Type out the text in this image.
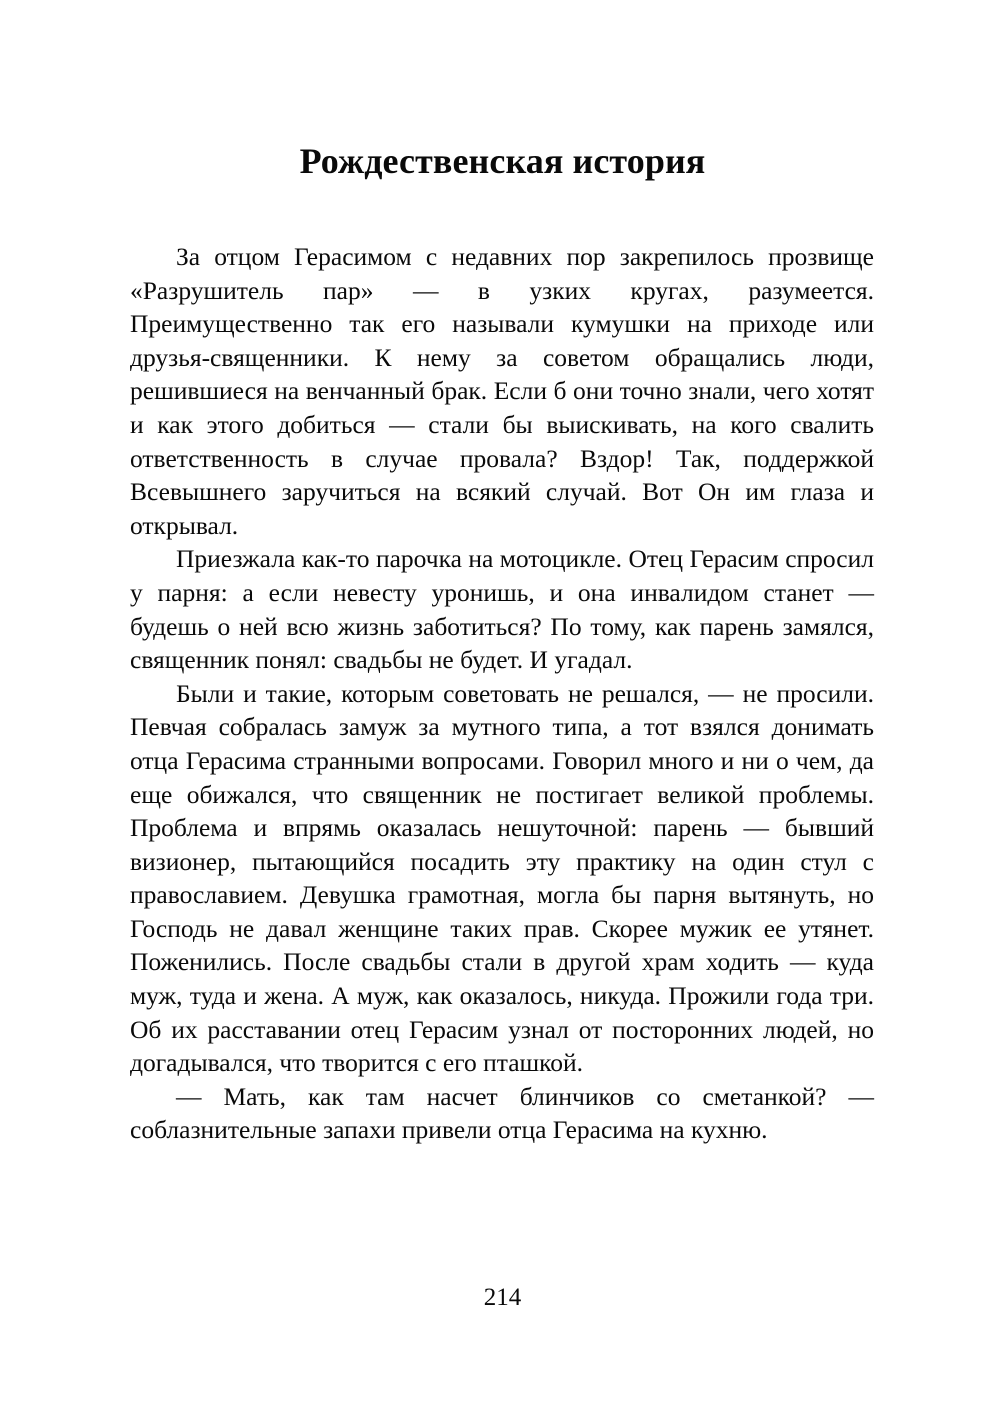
Рождественская история

За отцом Герасимом с недавних пор закрепилось прозвище «Разрушитель пар» — в узких кругах, разумеется. Преимущественно так его называли кумушки на приходе или друзья-священники. К нему за советом обращались люди, решившиеся на венчанный брак. Если б они точно знали, чего хотят и как этого добиться — стали бы выискивать, на кого свалить ответственность в случае провала? Вздор! Так, поддержкой Всевышнего заручиться на всякий случай. Вот Он им глаза и открывал.

Приезжала как-то парочка на мотоцикле. Отец Герасим спросил у парня: а если невесту уронишь, и она инвалидом станет — будешь о ней всю жизнь заботиться? По тому, как парень замялся, священник понял: свадьбы не будет. И угадал.

Были и такие, которым советовать не решался, — не просили. Певчая собралась замуж за мутного типа, а тот взялся донимать отца Герасима странными вопросами. Говорил много и ни о чем, да еще обижался, что священник не постигает великой проблемы. Проблема и впрямь оказалась нешуточной: парень — бывший визионер, пытающийся посадить эту практику на один стул с православием. Девушка грамотная, могла бы парня вытянуть, но Господь не давал женщине таких прав. Скорее мужик ее утянет. Поженились. После свадьбы стали в другой храм ходить — куда муж, туда и жена. А муж, как оказалось, никуда. Прожили года три. Об их расставании отец Герасим узнал от посторонних людей, но догадывался, что творится с его пташкой.

— Мать, как там насчет блинчиков со сметанкой? — соблазнительные запахи привели отца Герасима на кухню.

214
